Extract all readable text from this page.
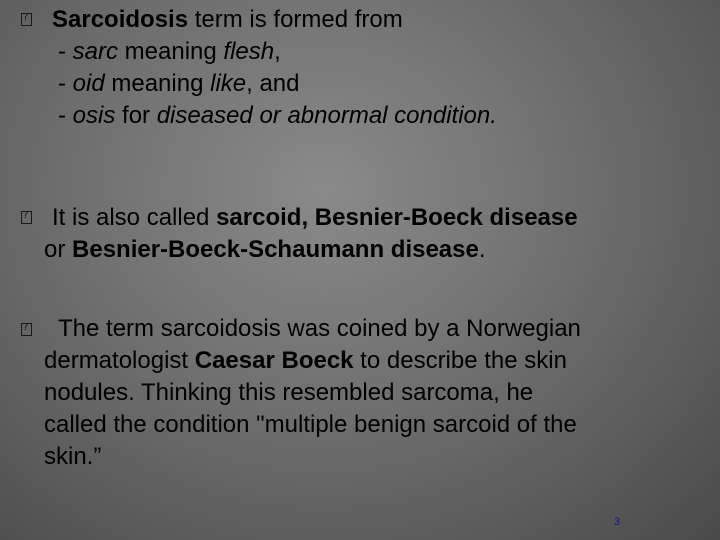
?
Sarcoidosis term is formed from
- sarc meaning flesh,
- oid meaning like, and
- osis for diseased or abnormal condition.
?
It is also called sarcoid, Besnier-Boeck disease
or Besnier-Boeck-Schaumann disease.
?
The term sarcoidosis was coined by a Norwegian
dermatologist Caesar Boeck to describe the skin
nodules. Thinking this resembled sarcoma, he
called the condition "multiple benign sarcoid of the
skin.”
3
